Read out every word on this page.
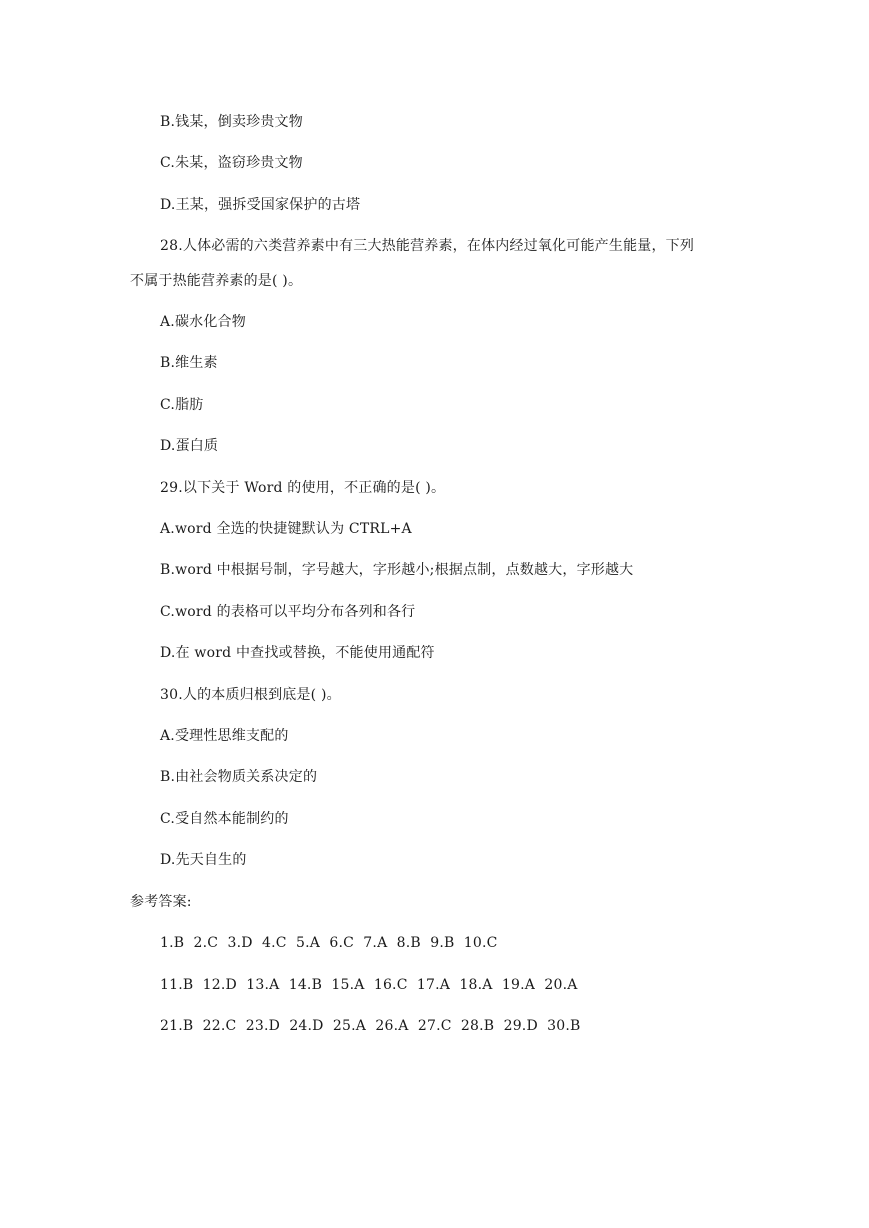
B.钱某，倒卖珍贵文物
C.朱某，盗窃珍贵文物
D.王某，强拆受国家保护的古塔
28.人体必需的六类营养素中有三大热能营养素，在体内经过氧化可能产生能量，下列
不属于热能营养素的是( )。
A.碳水化合物
B.维生素
C.脂肪
D.蛋白质
29.以下关于 Word 的使用，不正确的是( )。
A.word 全选的快捷键默认为 CTRL+A
B.word 中根据号制，字号越大，字形越小;根据点制，点数越大，字形越大
C.word 的表格可以平均分布各列和各行
D.在 word 中查找或替换，不能使用通配符
30.人的本质归根到底是( )。
A.受理性思维支配的
B.由社会物质关系决定的
C.受自然本能制约的
D.先天自生的
参考答案:
1.B  2.C  3.D  4.C  5.A  6.C  7.A  8.B  9.B  10.C
11.B  12.D  13.A  14.B  15.A  16.C  17.A  18.A  19.A  20.A
21.B  22.C  23.D  24.D  25.A  26.A  27.C  28.B  29.D  30.B
